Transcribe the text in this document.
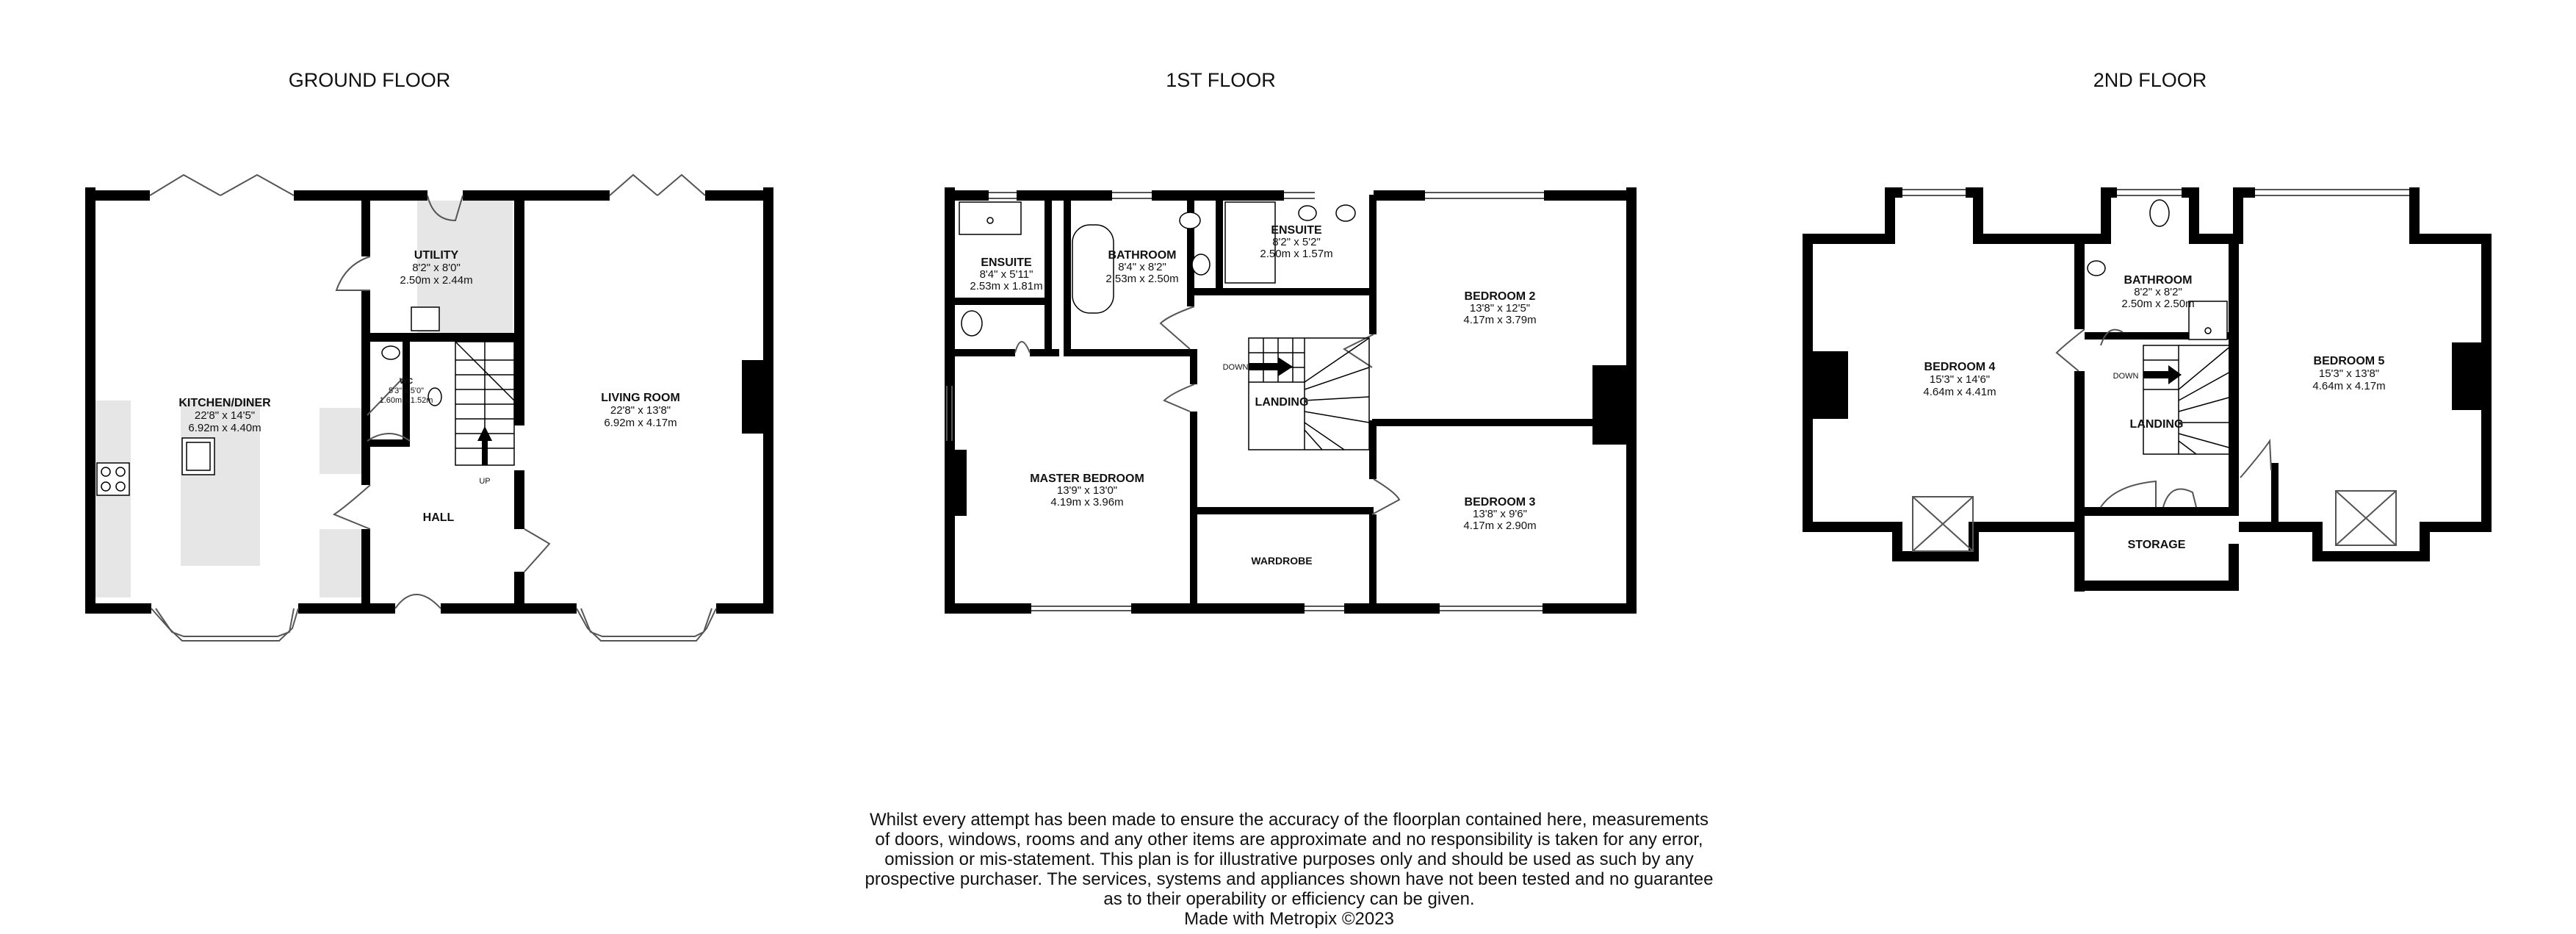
GROUND FLOOR
UP
UTILITY
8'2" x 8'0"
2.50m x 2.44m
KITCHEN/DINER
22'8" x 14'5"
6.92m x 4.40m
WC
5'3" x 5'0"
1.60m x 1.52m	LIVING ROOM
22'8" x 13'8"
6.92m x 4.17m
HALL
1ST FLOOR
DOWN
ENSUITE
8'4" x 5'11"
2.53m x 1.81m
BATHROOM
8'4" x 8'2"
2.53m x 2.50m
ENSUITE
8'2" x 5'2"
2.50m x 1.57m
BEDROOM 2
13'8" x 12'5"
4.17m x 3.79m
MASTER BEDROOM
13'9" x 13'0"
4.19m x 3.96m	BEDROOM 3
13'8" x 9'6"
4.17m x 2.90m
LANDING
WARDROBE
2ND FLOOR
DOWN
BATHROOM
8'2" x 8'2"
2.50m x 2.50m
BEDROOM 4
15'3" x 14'6"
4.64m x 4.41m
BEDROOM 5
15'3" x 13'8"
4.64m x 4.17m
LANDING
STORAGE

Whilst every attempt has been made to ensure the accuracy of the floorplan contained here, measurements

of doors, windows, rooms and any other items are approximate and no responsibility is taken for any error,

omission or mis-statement. This plan is for illustrative purposes only and should be used as such by any

prospective purchaser. The services, systems and appliances shown have not been tested and no guarantee

as to their operability or efficiency can be given.

Made with Metropix ©2023
